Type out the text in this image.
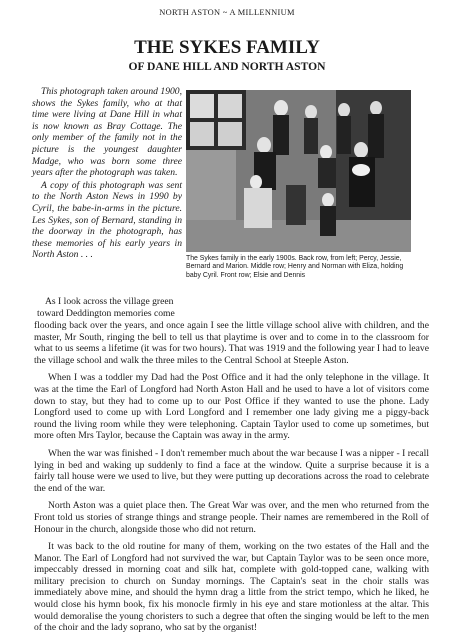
NORTH ASTON ~ A MILLENNIUM

THE SYKES FAMILY
OF DANE HILL AND NORTH ASTON

This photograph taken around 1900, shows the Sykes family, who at that time were living at Dane Hill in what is now known as Bray Cottage. The only member of the family not in the picture is the youngest daughter Madge, who was born some three years after the photograph was taken.

A copy of this photograph was sent to the North Aston News in 1990 by Cyril, the babe-in-arms in the picture. Les Sykes, son of Bernard, standing in the doorway in the photograph, has these memories of his early years in North Aston . . .	The Sykes family in the early 1900s. Back row, from left; Percy, Jessie, Bernard and Marion. Middle row; Henry and Norman with Eliza, holding baby Cyril. Front row; Elsie and Dennis
As I look across the village green toward Deddington memories come

flooding back over the years, and once again I see the little village school alive with children, and the master, Mr South, ringing the bell to tell us that playtime is over and to come in to the classroom for what to us seems a lifetime (it was for two hours). That was 1919 and the following year I had to leave the village school and walk the three miles to the Central School at Steeple Aston.

When I was a toddler my Dad had the Post Office and it had the only telephone in the village. It was at the time the Earl of Longford had North Aston Hall and he used to have a lot of visitors come down to stay, but they had to come up to our Post Office if they wanted to use the phone. Lady Longford used to come up with Lord Longford and I remember one lady giving me a piggy-back round the living room while they were telephoning. Captain Taylor used to come up sometimes, but more often Mrs Taylor, because the Captain was away in the army.

When the war was finished - I don't remember much about the war because I was a nipper - I recall lying in bed and waking up suddenly to find a face at the window. Quite a surprise because it is a fairly tall house were we used to live, but they were putting up decorations across the road to celebrate the end of the war.

North Aston was a quiet place then. The Great War was over, and the men who returned from the Front told us stories of strange things and strange people. Their names are remembered in the Roll of Honour in the church, alongside those who did not return.

It was back to the old routine for many of them, working on the two estates of the Hall and the Manor. The Earl of Longford had not survived the war, but Captain Taylor was to be seen once more, impeccably dressed in morning coat and silk hat, complete with gold-topped cane, walking with military precision to church on Sunday mornings. The Captain's seat in the choir stalls was immediately above mine, and should the hymn drag a little from the strict tempo, which he liked, he would close his hymn book, fix his monocle firmly in his eye and stare motionless at the altar. This would demoralise the young choristers to such a degree that often the singing would be left to the men of the choir and the lady soprano, who sat by the organist!
